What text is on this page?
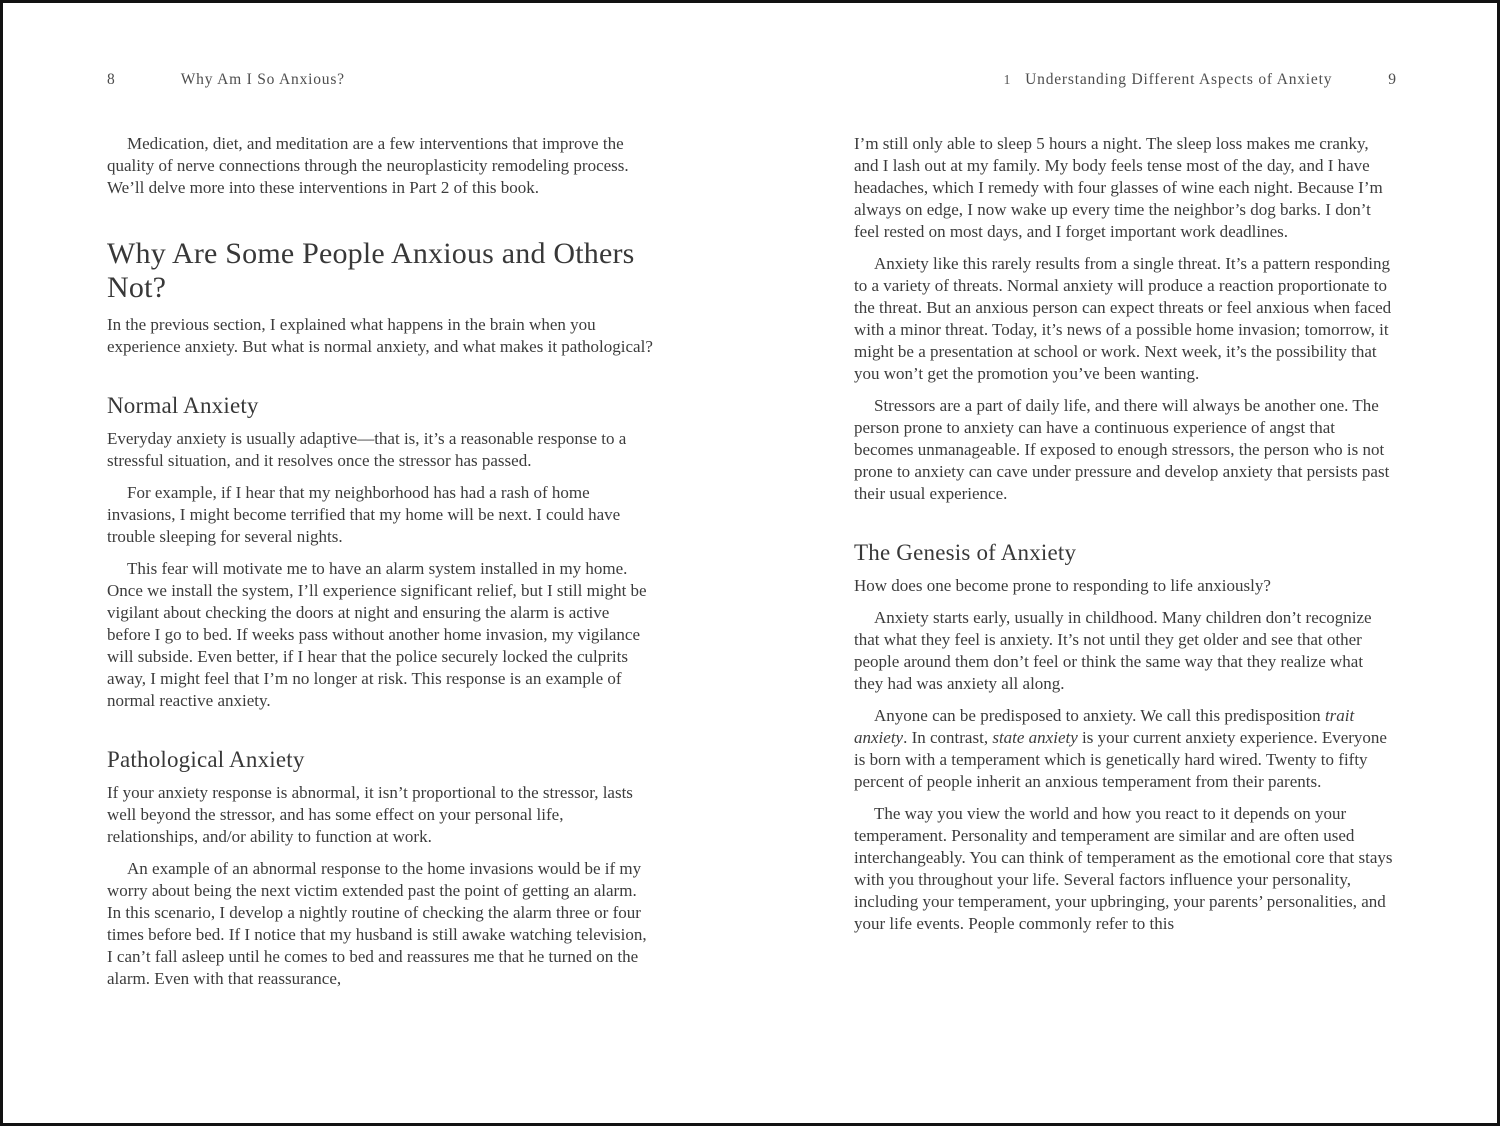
8	Why Am I So Anxious?

Medication, diet, and meditation are a few interventions that improve the quality of nerve connections through the neuroplasticity remodeling process. We’ll delve more into these interventions in Part 2 of this book.

Why Are Some People Anxious and Others Not?

In the previous section, I explained what happens in the brain when you experience anxiety. But what is normal anxiety, and what makes it pathological?

Normal Anxiety

Everyday anxiety is usually adaptive—that is, it’s a reasonable response to a stressful situation, and it resolves once the stressor has passed.

For example, if I hear that my neighborhood has had a rash of home invasions, I might become terrified that my home will be next. I could have trouble sleeping for several nights.

This fear will motivate me to have an alarm system installed in my home. Once we install the system, I’ll experience significant relief, but I still might be vigilant about checking the doors at night and ensuring the alarm is active before I go to bed. If weeks pass without another home invasion, my vigilance will subside. Even better, if I hear that the police securely locked the culprits away, I might feel that I’m no longer at risk. This response is an example of normal reactive anxiety.

Pathological Anxiety

If your anxiety response is abnormal, it isn’t proportional to the stressor, lasts well beyond the stressor, and has some effect on your personal life, relationships, and/or ability to function at work.

An example of an abnormal response to the home invasions would be if my worry about being the next victim extended past the point of getting an alarm. In this scenario, I develop a nightly routine of checking the alarm three or four times before bed. If I notice that my husband is still awake watching television, I can’t fall asleep until he comes to bed and reassures me that he turned on the alarm. Even with that reassurance,

1 Understanding Different Aspects of Anxiety	9

I’m still only able to sleep 5 hours a night. The sleep loss makes me cranky, and I lash out at my family. My body feels tense most of the day, and I have headaches, which I remedy with four glasses of wine each night. Because I’m always on edge, I now wake up every time the neighbor’s dog barks. I don’t feel rested on most days, and I forget important work deadlines.

Anxiety like this rarely results from a single threat. It’s a pattern responding to a variety of threats. Normal anxiety will produce a reaction proportionate to the threat. But an anxious person can expect threats or feel anxious when faced with a minor threat. Today, it’s news of a possible home invasion; tomorrow, it might be a presentation at school or work. Next week, it’s the possibility that you won’t get the promotion you’ve been wanting.

Stressors are a part of daily life, and there will always be another one. The person prone to anxiety can have a continuous experience of angst that becomes unmanageable. If exposed to enough stressors, the person who is not prone to anxiety can cave under pressure and develop anxiety that persists past their usual experience.

The Genesis of Anxiety

How does one become prone to responding to life anxiously?

Anxiety starts early, usually in childhood. Many children don’t recognize that what they feel is anxiety. It’s not until they get older and see that other people around them don’t feel or think the same way that they realize what they had was anxiety all along.

Anyone can be predisposed to anxiety. We call this predisposition trait anxiety. In contrast, state anxiety is your current anxiety experience. Everyone is born with a temperament which is genetically hard wired. Twenty to fifty percent of people inherit an anxious temperament from their parents.

The way you view the world and how you react to it depends on your temperament. Personality and temperament are similar and are often used interchangeably. You can think of temperament as the emotional core that stays with you throughout your life. Several factors influence your personality, including your temperament, your upbringing, your parents’ personalities, and your life events. People commonly refer to this
